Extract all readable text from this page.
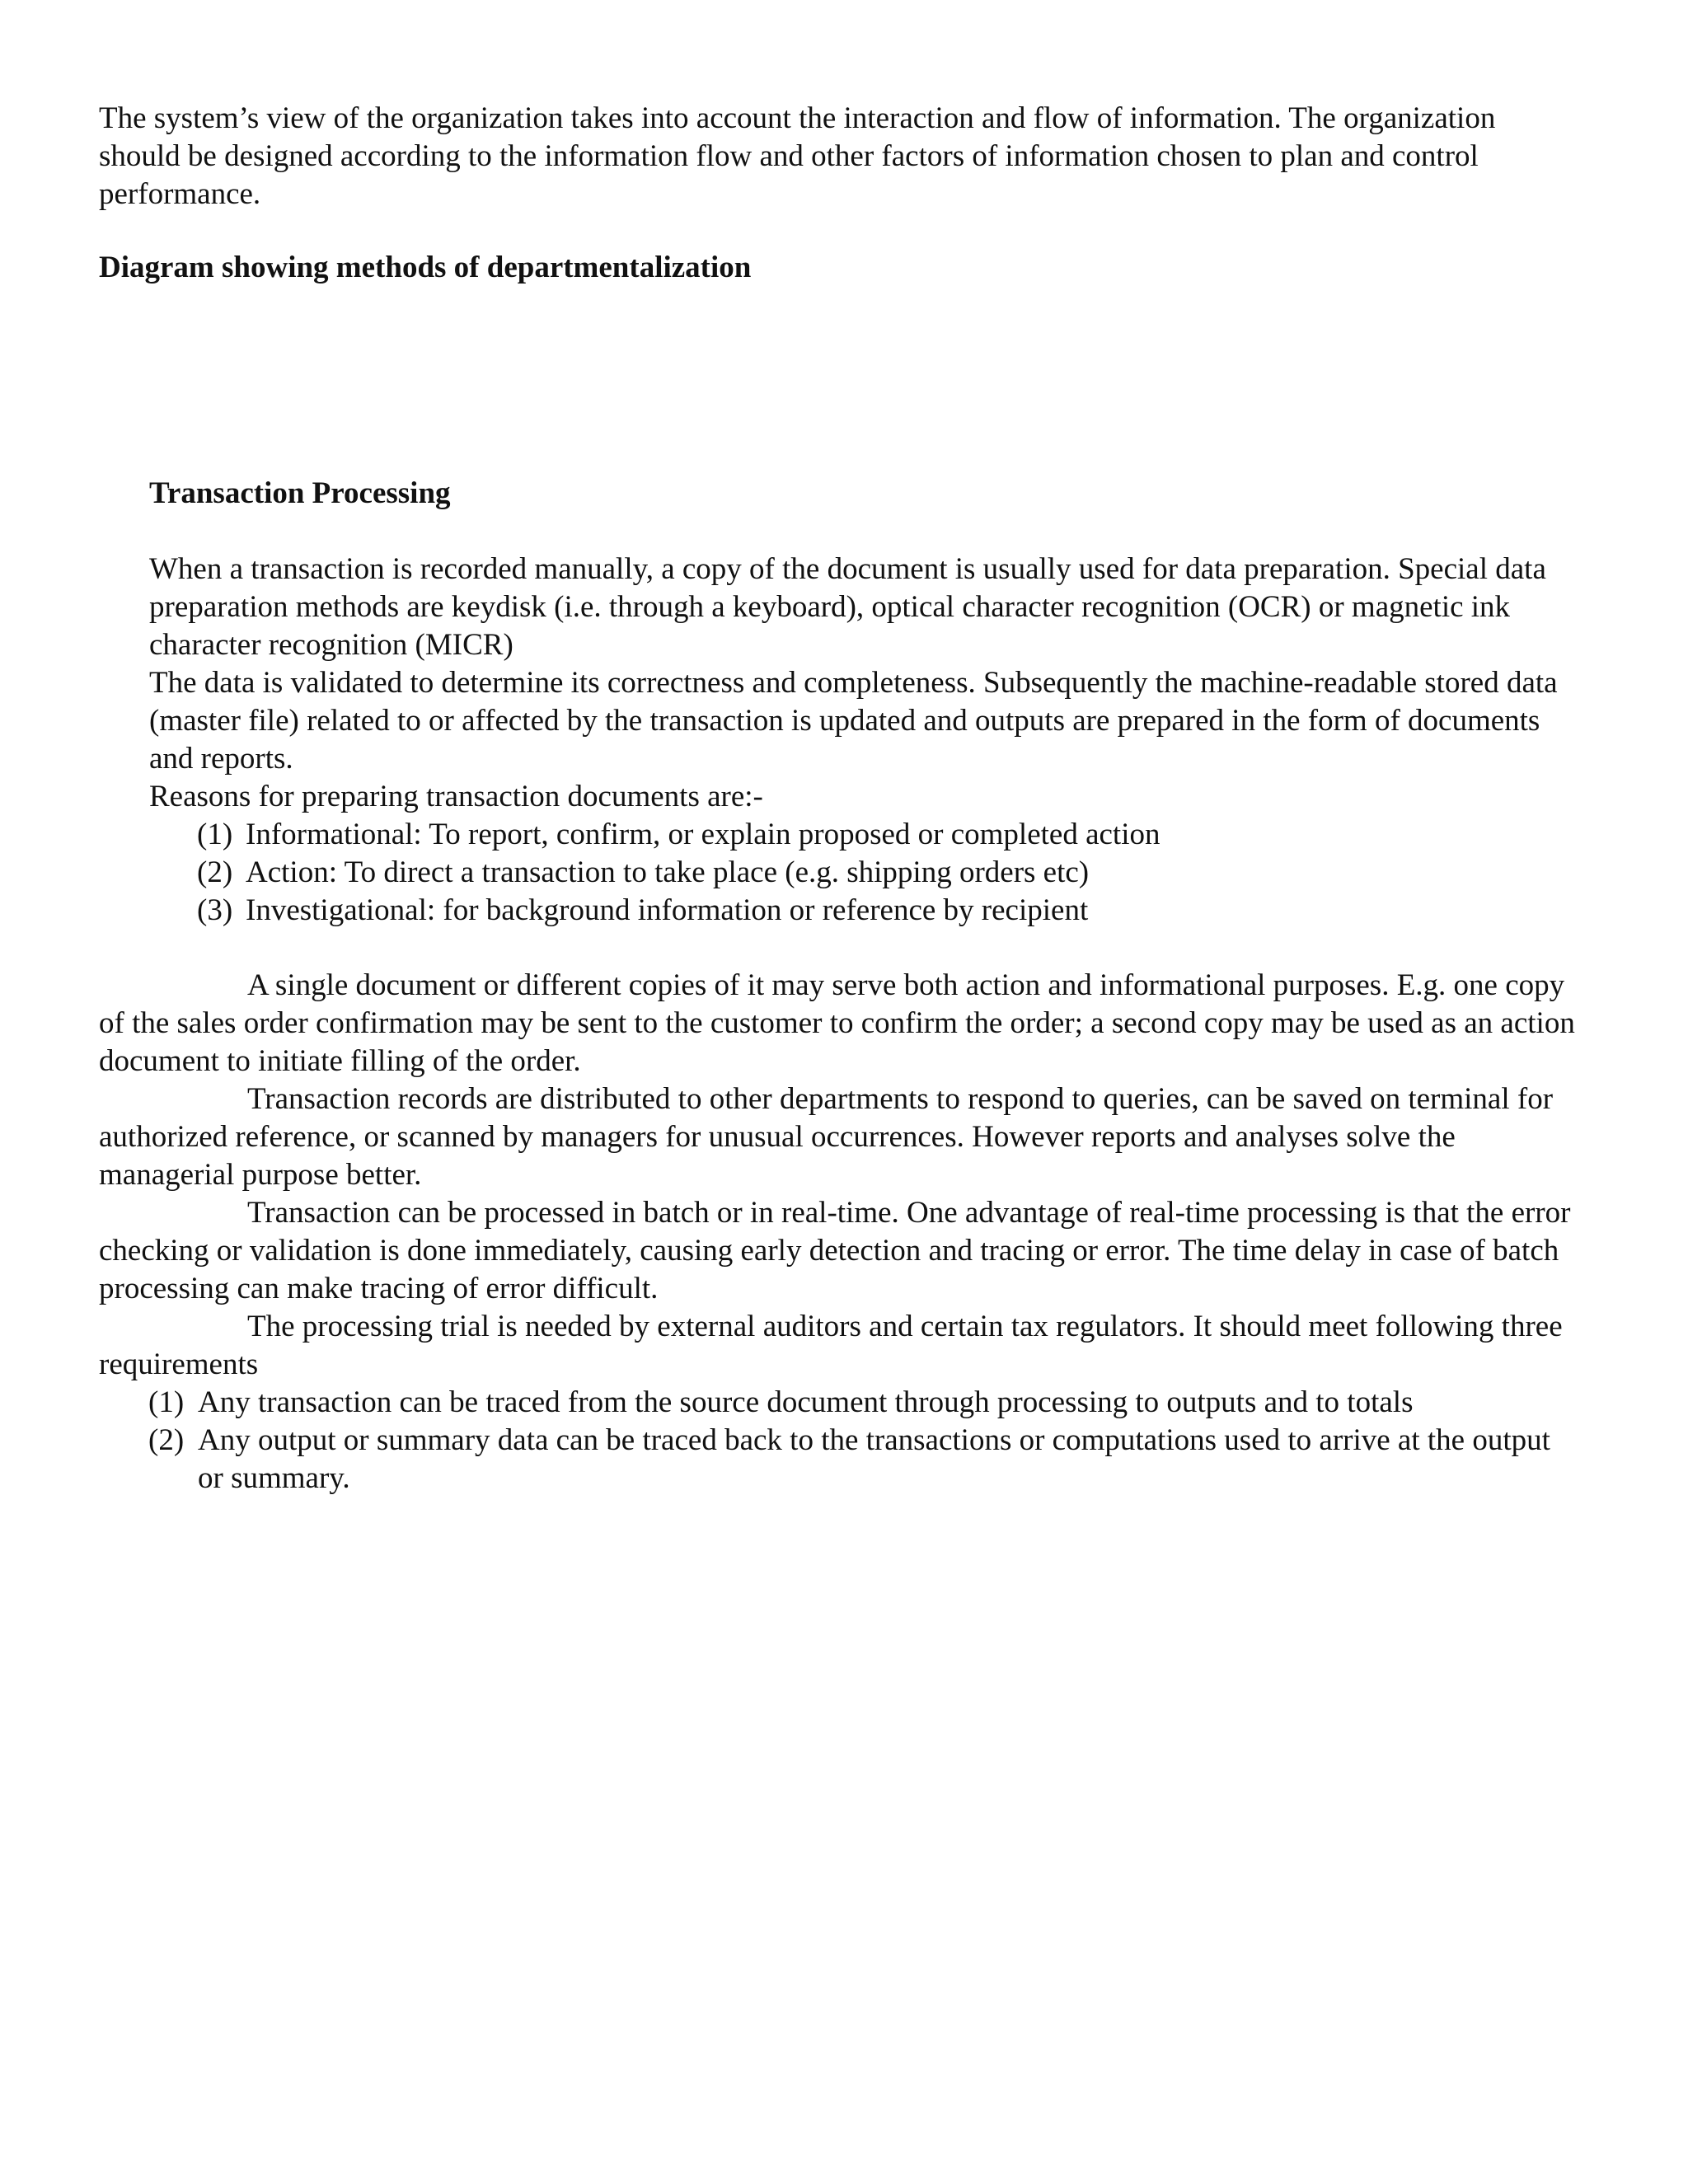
The system’s view of the organization takes into account the interaction and flow of information. The organization should be designed according to the information flow and other factors of information chosen to plan and control performance.
Diagram showing methods of departmentalization
Transaction Processing

When a transaction is recorded manually, a copy of the document is usually used for data preparation. Special data preparation methods are keydisk (i.e. through a keyboard), optical character recognition (OCR) or magnetic ink character recognition (MICR)

The data is validated to determine its correctness and completeness. Subsequently the machine-readable stored data (master file) related to or affected by the transaction is updated and outputs are prepared in the form of documents and reports.

Reasons for preparing transaction documents are:-

(1) Informational: To report, confirm, or explain proposed or completed action
(2) Action: To direct a transaction to take place (e.g. shipping orders etc)
(3) Investigational: for background information or reference by recipient

A single document or different copies of it may serve both action and informational purposes. E.g. one copy of the sales order confirmation may be sent to the customer to confirm the order; a second copy may be used as an action document to initiate filling of the order.

Transaction records are distributed to other departments to respond to queries, can be saved on terminal for authorized reference, or scanned by managers for unusual occurrences. However reports and analyses solve the managerial purpose better.

Transaction can be processed in batch or in real-time. One advantage of real-time processing is that the error checking or validation is done immediately, causing early detection and tracing or error. The time delay in case of batch processing can make tracing of error difficult.

The processing trial is needed by external auditors and certain tax regulators. It should meet following three requirements

(1) Any transaction can be traced from the source document through processing to outputs and to totals
(2) Any output or summary data can be traced back to the transactions or computations used to arrive at the output or summary.
